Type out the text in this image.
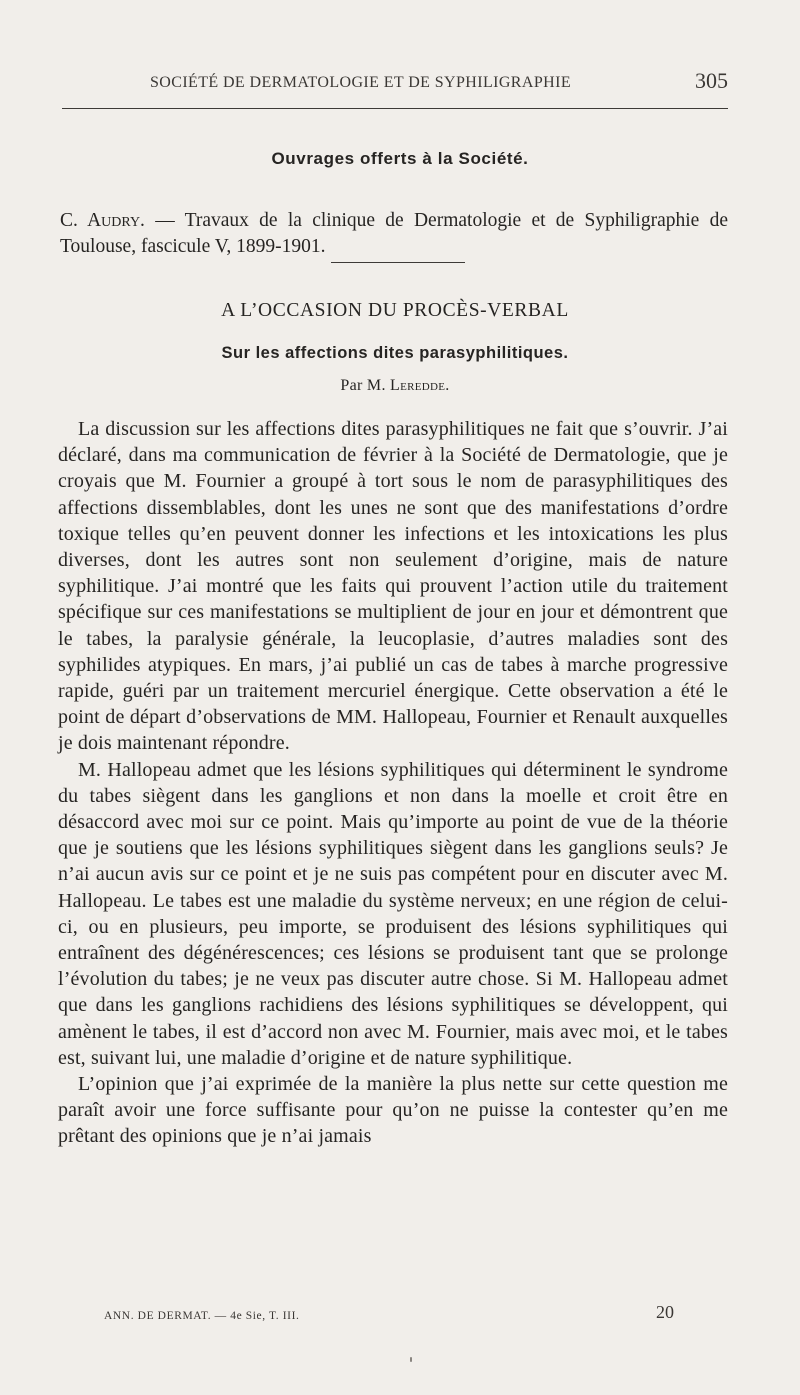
SOCIÉTÉ DE DERMATOLOGIE ET DE SYPHILIGRAPHIE	305
Ouvrages offerts à la Société.

C. Audry. — Travaux de la clinique de Dermatologie et de Syphiligraphie de Toulouse, fascicule V, 1899-1901.

A L’OCCASION DU PROCÈS-VERBAL
Sur les affections dites parasyphilitiques.
Par M. Leredde.

La discussion sur les affections dites parasyphilitiques ne fait que s’ouvrir. J’ai déclaré, dans ma communication de février à la Société de Dermatologie, que je croyais que M. Fournier a groupé à tort sous le nom de parasyphilitiques des affections dissemblables, dont les unes ne sont que des manifestations d’ordre toxique telles qu’en peuvent donner les infections et les intoxications les plus diverses, dont les autres sont non seulement d’origine, mais de nature syphilitique. J’ai montré que les faits qui prouvent l’action utile du traitement spécifique sur ces manifestations se multiplient de jour en jour et démontrent que le tabes, la paralysie générale, la leucoplasie, d’autres maladies sont des syphilides atypiques. En mars, j’ai publié un cas de tabes à marche progressive rapide, guéri par un traitement mercuriel énergique. Cette observation a été le point de départ d’observations de MM. Hallopeau, Fournier et Renault auxquelles je dois maintenant répondre.

M. Hallopeau admet que les lésions syphilitiques qui déterminent le syndrome du tabes siègent dans les ganglions et non dans la moelle et croit être en désaccord avec moi sur ce point. Mais qu’importe au point de vue de la théorie que je soutiens que les lésions syphilitiques siègent dans les ganglions seuls? Je n’ai aucun avis sur ce point et je ne suis pas compétent pour en discuter avec M. Hallopeau. Le tabes est une maladie du système nerveux; en une région de celui-ci, ou en plusieurs, peu importe, se produisent des lésions syphilitiques qui entraînent des dégénérescences; ces lésions se produisent tant que se prolonge l’évolution du tabes; je ne veux pas discuter autre chose. Si M. Hallopeau admet que dans les ganglions rachidiens des lésions syphilitiques se développent, qui amènent le tabes, il est d’accord non avec M. Fournier, mais avec moi, et le tabes est, suivant lui, une maladie d’origine et de nature syphilitique.

L’opinion que j’ai exprimée de la manière la plus nette sur cette question me paraît avoir une force suffisante pour qu’on ne puisse la contester qu’en me prêtant des opinions que je n’ai jamais

ANN. DE DERMAT. — 4e Sie, T. III.	20
